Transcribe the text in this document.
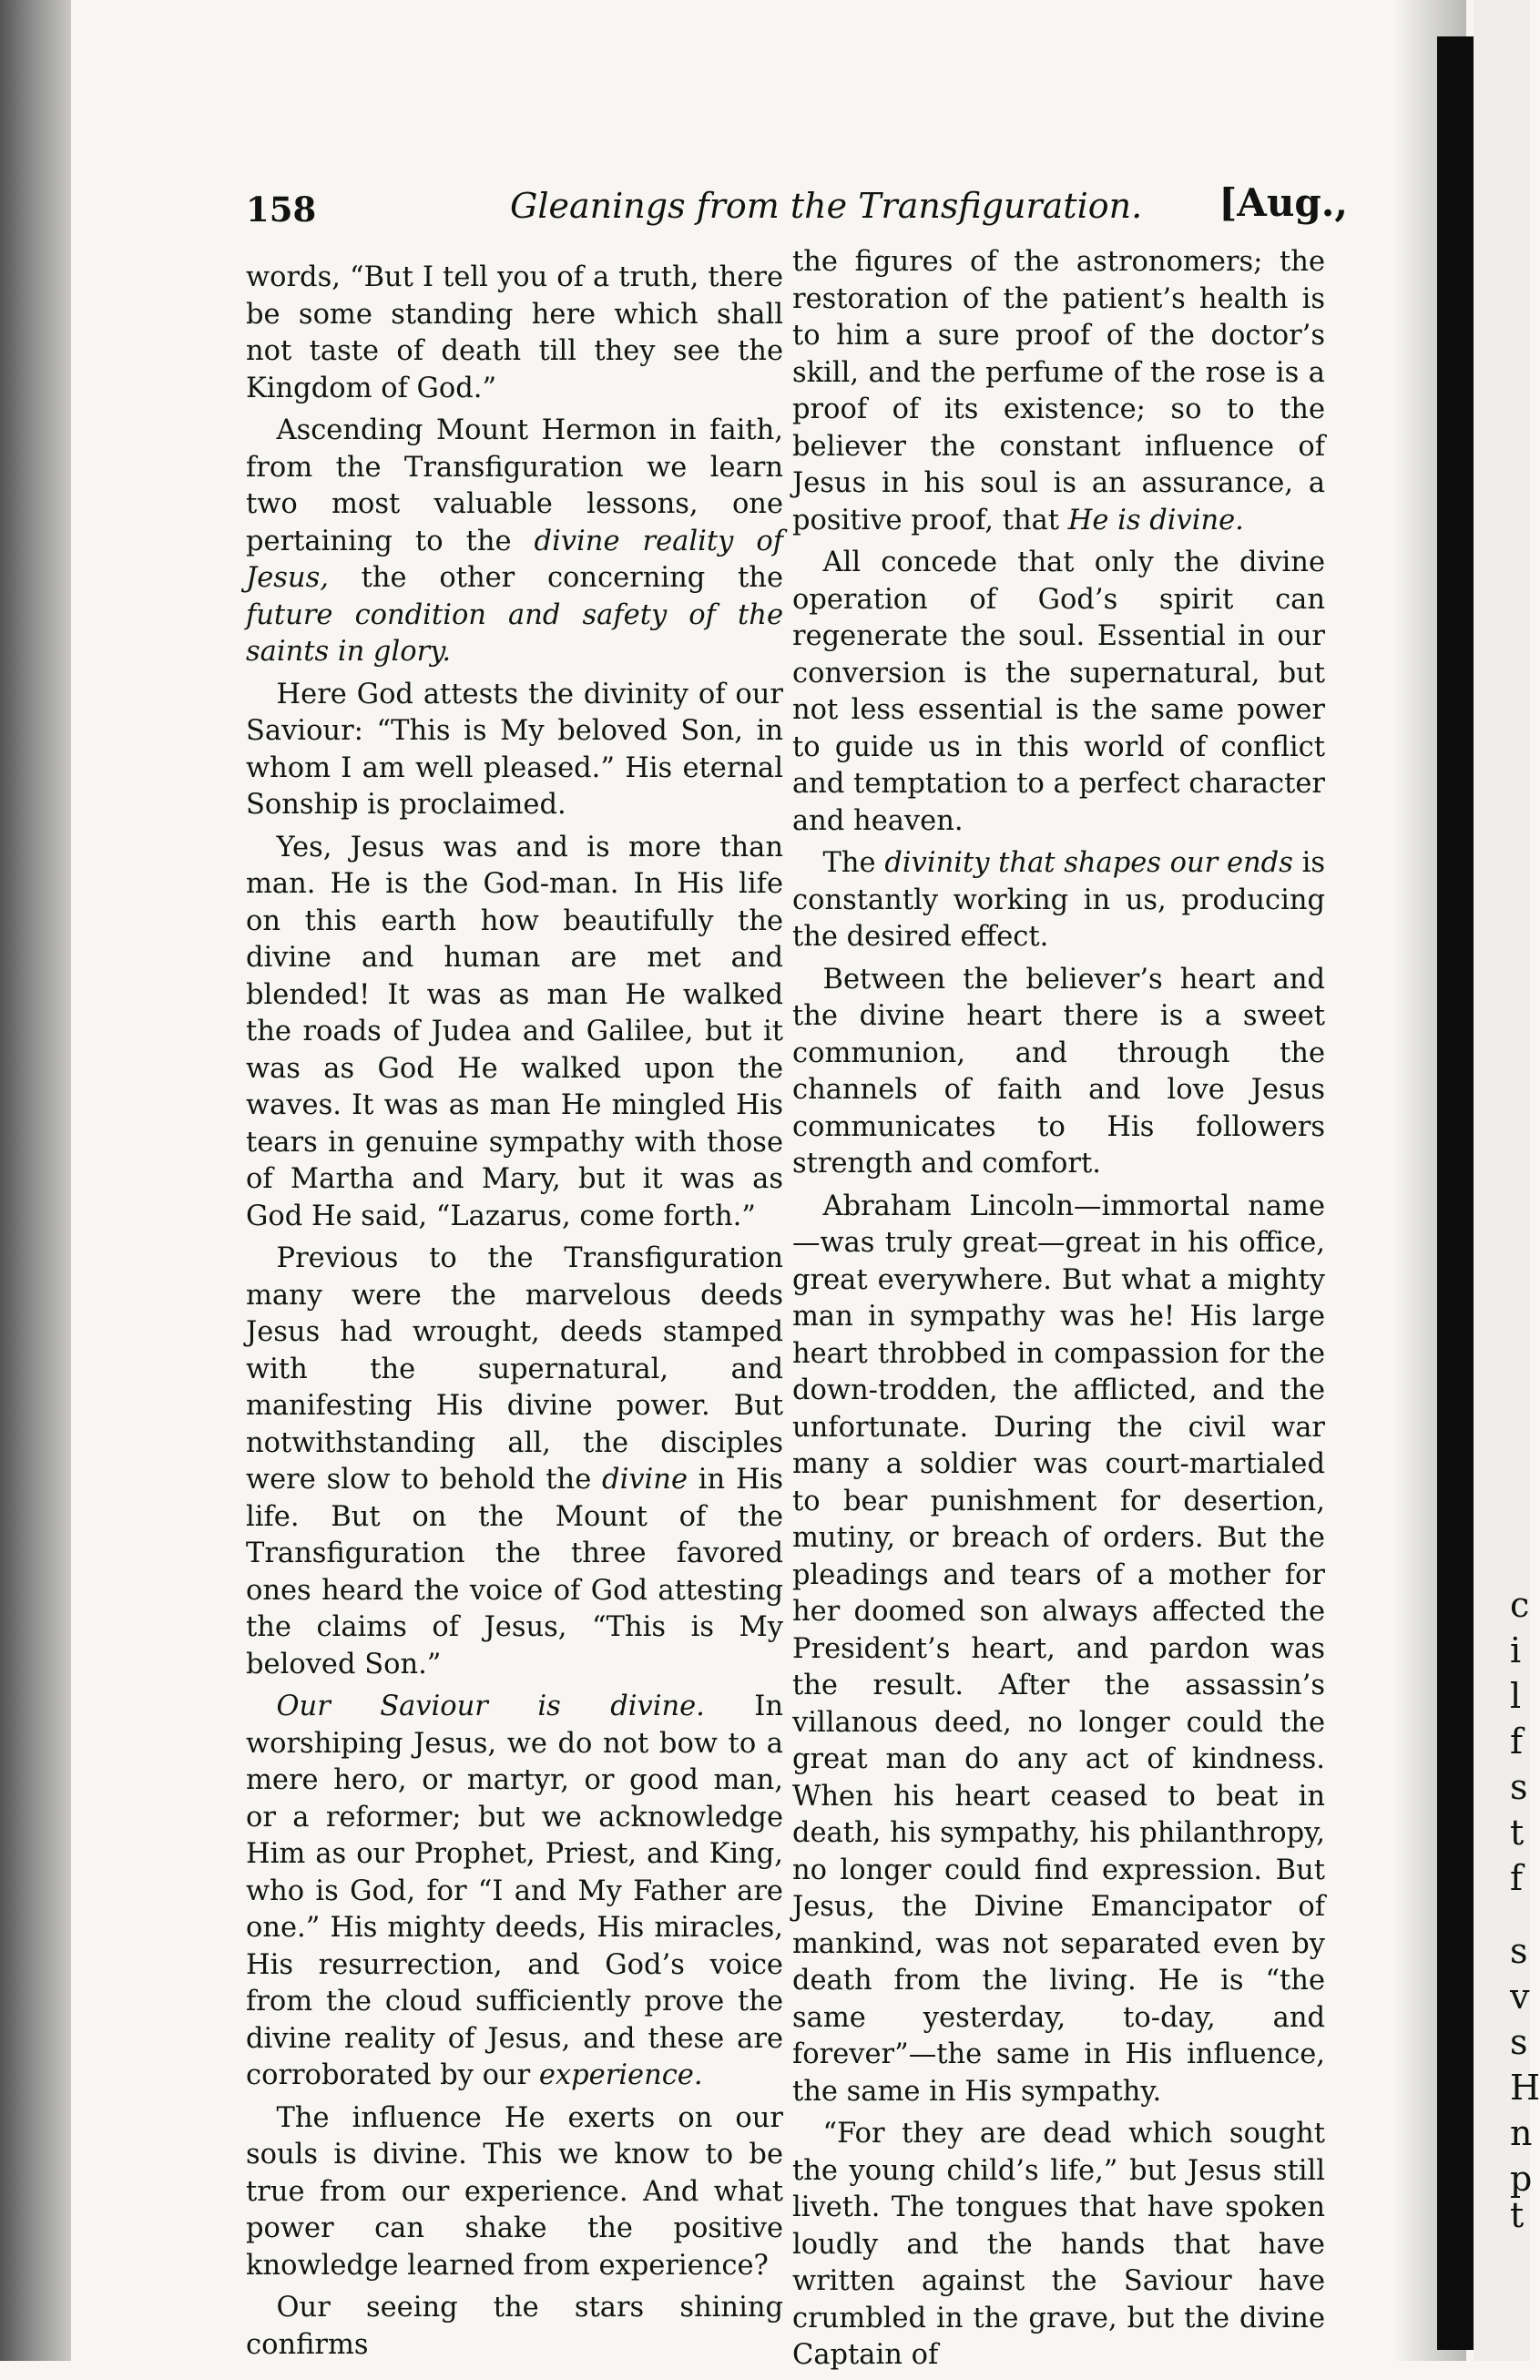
c
i
l
f
s
t
f
s
v
s
H
n
p
t
158	Gleanings from the Transfiguration. [Aug.,

words, “But I tell you of a truth, there be some standing here which shall not taste of death till they see the Kingdom of God.”

Ascending Mount Hermon in faith, from the Transfiguration we learn two most valuable lessons, one pertaining to the divine reality of Jesus, the other concerning the future condition and safety of the saints in glory.

Here God attests the divinity of our Saviour: “This is My beloved Son, in whom I am well pleased.” His eternal Sonship is proclaimed.

Yes, Jesus was and is more than man. He is the God-man. In His life on this earth how beautifully the divine and human are met and blended! It was as man He walked the roads of Judea and Galilee, but it was as God He walked upon the waves. It was as man He mingled His tears in genuine sympathy with those of Martha and Mary, but it was as God He said, “Lazarus, come forth.”

Previous to the Transfiguration many were the marvelous deeds Jesus had wrought, deeds stamped with the supernatural, and manifesting His divine power. But notwithstanding all, the disciples were slow to behold the divine in His life. But on the Mount of the Transfiguration the three favored ones heard the voice of God attesting the claims of Jesus, “This is My beloved Son.”

Our Saviour is divine. In worshiping Jesus, we do not bow to a mere hero, or martyr, or good man, or a reformer; but we acknowledge Him as our Prophet, Priest, and King, who is God, for “I and My Father are one.” His mighty deeds, His miracles, His resurrection, and God’s voice from the cloud sufficiently prove the divine reality of Jesus, and these are corroborated by our experience.

The influence He exerts on our souls is divine. This we know to be true from our experience. And what power can shake the positive knowledge learned from experience?

Our seeing the stars shining confirms

the figures of the astronomers; the restoration of the patient’s health is to him a sure proof of the doctor’s skill, and the perfume of the rose is a proof of its existence; so to the believer the constant influence of Jesus in his soul is an assurance, a positive proof, that He is divine.

All concede that only the divine operation of God’s spirit can regenerate the soul. Essential in our conversion is the supernatural, but not less essential is the same power to guide us in this world of conflict and temptation to a perfect character and heaven.

The divinity that shapes our ends is constantly working in us, producing the desired effect.

Between the believer’s heart and the divine heart there is a sweet communion, and through the channels of faith and love Jesus communicates to His followers strength and comfort.

Abraham Lincoln—immortal name—was truly great—great in his office, great everywhere. But what a mighty man in sympathy was he! His large heart throbbed in compassion for the down-trodden, the afflicted, and the unfortunate. During the civil war many a soldier was court-martialed to bear punishment for desertion, mutiny, or breach of orders. But the pleadings and tears of a mother for her doomed son always affected the President’s heart, and pardon was the result. After the assassin’s villanous deed, no longer could the great man do any act of kindness. When his heart ceased to beat in death, his sympathy, his philanthropy, no longer could find expression. But Jesus, the Divine Emancipator of mankind, was not separated even by death from the living. He is “the same yesterday, to-day, and forever”—the same in His influence, the same in His sympathy.

“For they are dead which sought the young child’s life,” but Jesus still liveth. The tongues that have spoken loudly and the hands that have written against the Saviour have crumbled in the grave, but the divine Captain of
